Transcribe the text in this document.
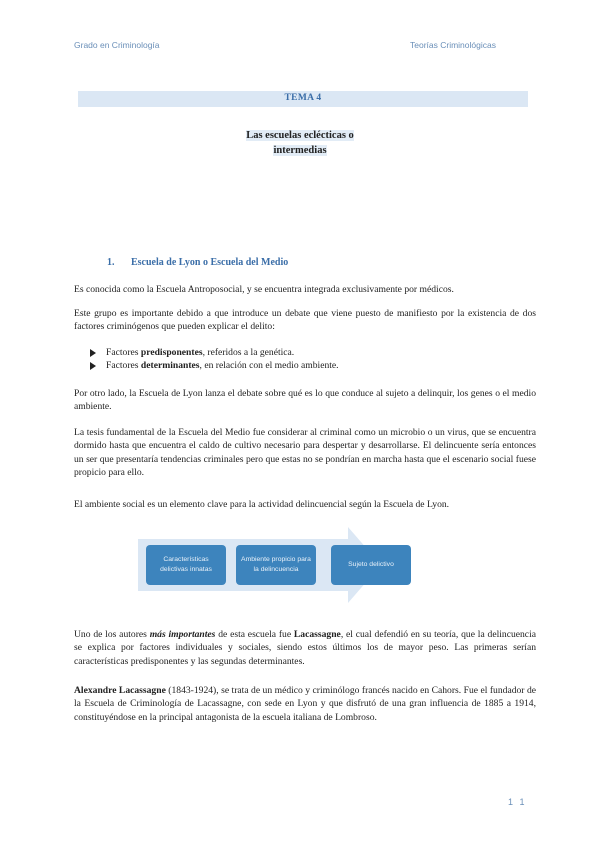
Grado en Criminología	Teorías Criminológicas
TEMA 4
Las escuelas eclécticas o
intermedias
1. Escuela de Lyon o Escuela del Medio
Es conocida como la Escuela Antroposocial, y se encuentra integrada exclusivamente por médicos.
Este grupo es importante debido a que introduce un debate que viene puesto de manifiesto por la existencia de dos factores criminógenos que pueden explicar el delito:
Factores predisponentes, referidos a la genética.
Factores determinantes, en relación con el medio ambiente.
Por otro lado, la Escuela de Lyon lanza el debate sobre qué es lo que conduce al sujeto a delinquir, los genes o el medio ambiente.
La tesis fundamental de la Escuela del Medio fue considerar al criminal como un microbio o un virus, que se encuentra dormido hasta que encuentra el caldo de cultivo necesario para despertar y desarrollarse. El delincuente sería entonces un ser que presentaría tendencias criminales pero que estas no se pondrían en marcha hasta que el escenario social fuese propicio para ello.
El ambiente social es un elemento clave para la actividad delincuencial según la Escuela de Lyon.
Características delictivas innatas
Ambiente propicio para la delincuencia
Sujeto delictivo
Uno de los autores más importantes de esta escuela fue Lacassagne, el cual defendió en su teoría, que la delincuencia se explica por factores individuales y sociales, siendo estos últimos los de mayor peso. Las primeras serían características predisponentes y las segundas determinantes.
Alexandre Lacassagne (1843-1924), se trata de un médico y criminólogo francés nacido en Cahors. Fue el fundador de la Escuela de Criminología de Lacassagne, con sede en Lyon y que disfrutó de una gran influencia de 1885 a 1914, constituyéndose en la principal antagonista de la escuela italiana de Lombroso.
1 1
